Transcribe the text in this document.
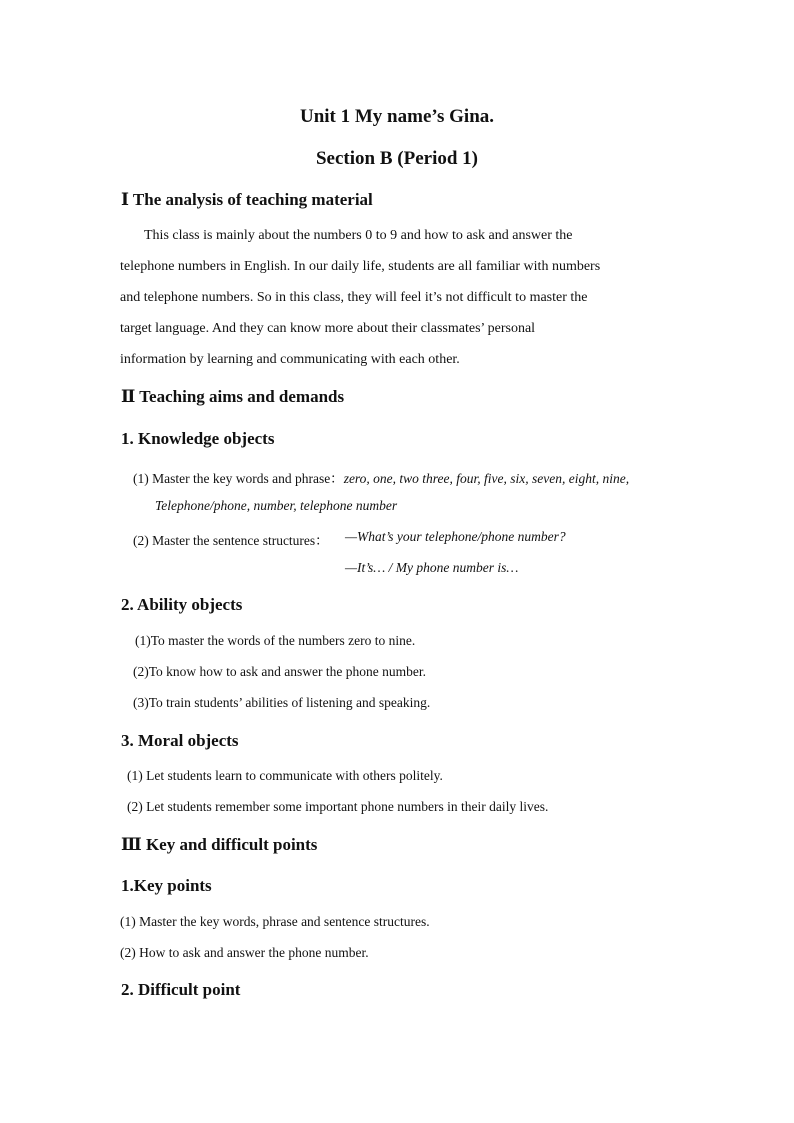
Unit 1 My name’s Gina.
Section B (Period 1)
Ⅰ The analysis of teaching material
This class is mainly about the numbers 0 to 9 and how to ask and answer the
telephone numbers in English. In our daily life, students are all familiar with numbers
and telephone numbers. So in this class, they will feel it’s not difficult to master the
target language. And they can know more about their classmates’ personal
information by learning and communicating with each other.
Ⅱ Teaching aims and demands
1. Knowledge objects
(1) Master the key words and phrase：zero, one, two three, four, five, six, seven, eight, nine,
Telephone/phone, number, telephone number
(2) Master the sentence structures： —What’s your telephone/phone number?
—It’s… / My phone number is…
2. Ability objects
(1)To master the words of the numbers zero to nine.
(2)To know how to ask and answer the phone number.
(3)To train students’ abilities of listening and speaking.
3. Moral objects
(1) Let students learn to communicate with others politely.
(2) Let students remember some important phone numbers in their daily lives.
Ⅲ Key and difficult points
1.Key points
(1) Master the key words, phrase and sentence structures.
(2) How to ask and answer the phone number.
2. Difficult point
